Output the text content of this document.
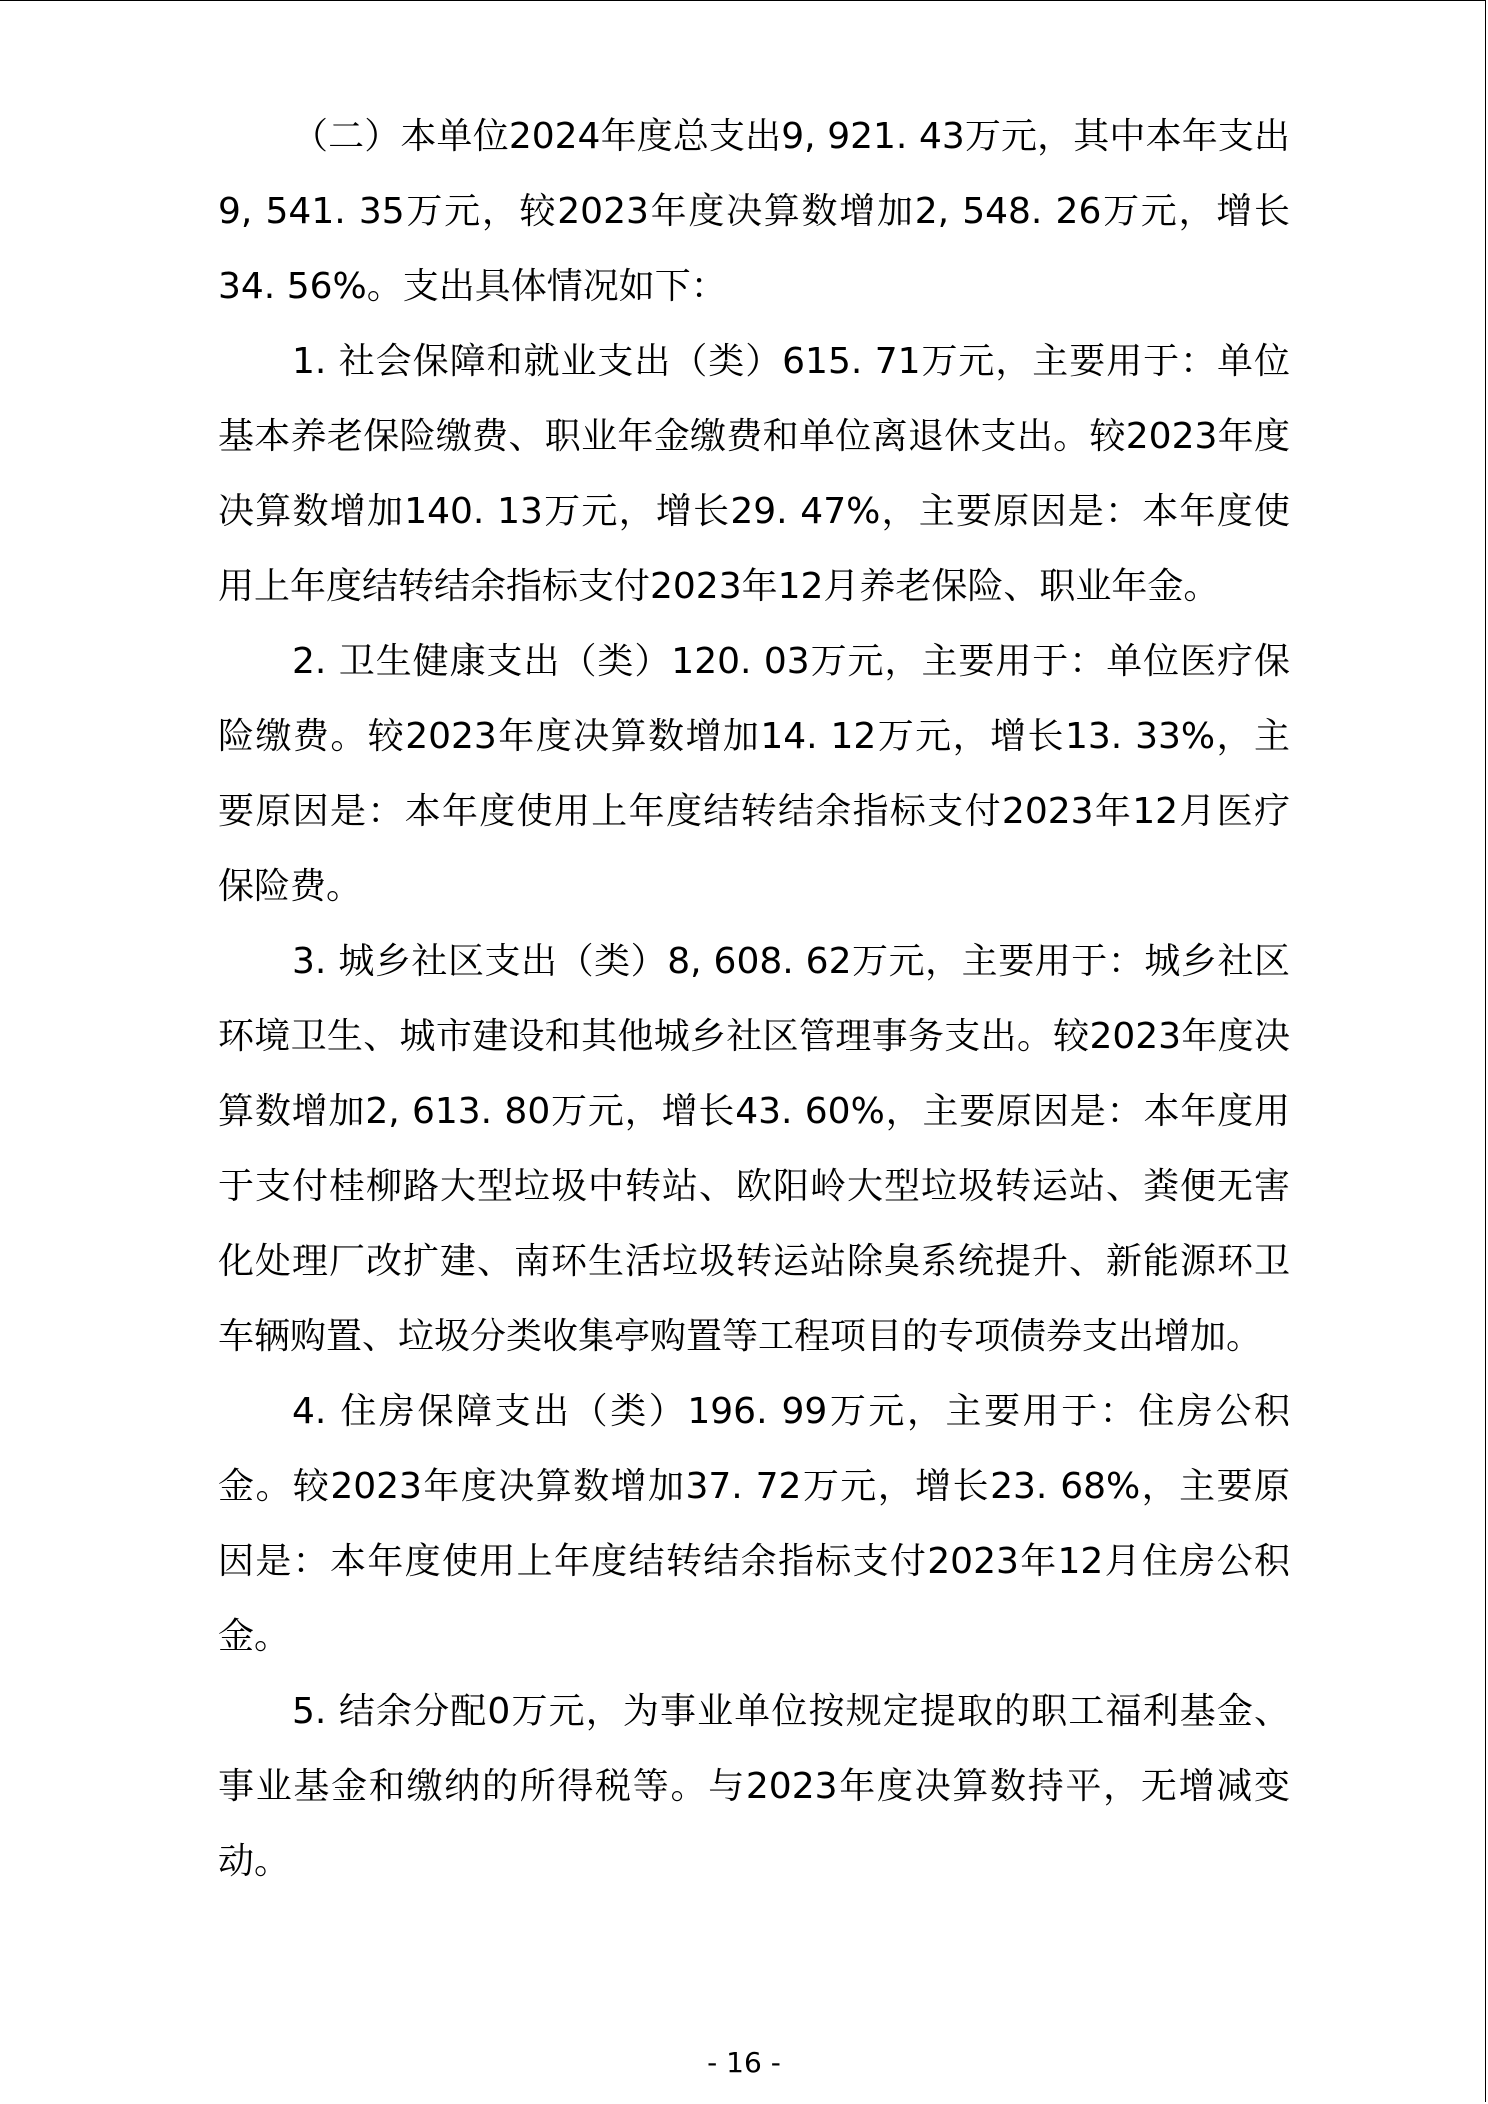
（二）本单位2024年度总支出9, 921. 43万元，其中本年支出9, 541. 35万元，较2023年度决算数增加2, 548. 26万元，增长34. 56%。支出具体情况如下：

1. 社会保障和就业支出（类）615. 71万元，主要用于：单位基本养老保险缴费、职业年金缴费和单位离退休支出。较2023年度决算数增加140. 13万元，增长29. 47%，主要原因是：本年度使用上年度结转结余指标支付2023年12月养老保险、职业年金。

2. 卫生健康支出（类）120. 03万元，主要用于：单位医疗保险缴费。较2023年度决算数增加14. 12万元，增长13. 33%，主要原因是：本年度使用上年度结转结余指标支付2023年12月医疗保险费。

3. 城乡社区支出（类）8, 608. 62万元，主要用于：城乡社区环境卫生、城市建设和其他城乡社区管理事务支出。较2023年度决算数增加2, 613. 80万元，增长43. 60%，主要原因是：本年度用于支付桂柳路大型垃圾中转站、欧阳岭大型垃圾转运站、粪便无害化处理厂改扩建、南环生活垃圾转运站除臭系统提升、新能源环卫车辆购置、垃圾分类收集亭购置等工程项目的专项债券支出增加。

4. 住房保障支出（类）196. 99万元，主要用于：住房公积金。较2023年度决算数增加37. 72万元，增长23. 68%，主要原因是：本年度使用上年度结转结余指标支付2023年12月住房公积金。

5. 结余分配0万元，为事业单位按规定提取的职工福利基金、事业基金和缴纳的所得税等。与2023年度决算数持平，无增减变动。

- 16 -
